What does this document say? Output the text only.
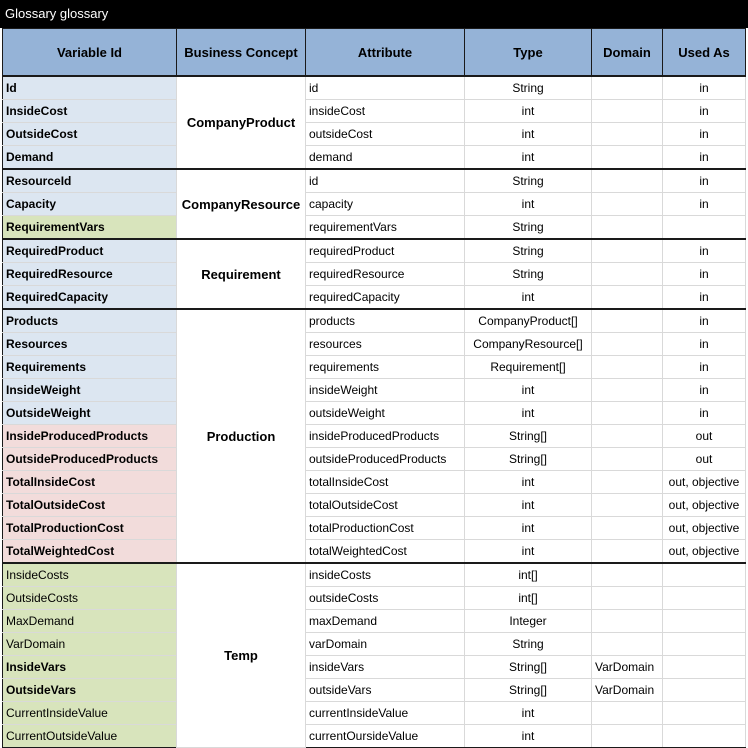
Glossary glossary
Variable Id	Business Concept	Attribute	Type	Domain	Used As
Id	CompanyProduct	id	String		in
InsideCost		insideCost	int		in
OutsideCost		outsideCost	int		in
Demand		demand	int		in
ResourceId	CompanyResource	id	String		in
Capacity		capacity	int		in
RequirementVars		requirementVars	String		
RequiredProduct	Requirement	requiredProduct	String		in
RequiredResource		requiredResource	String		in
RequiredCapacity		requiredCapacity	int		in
Products	Production	products	CompanyProduct[]		in
Resources		resources	CompanyResource[]		in
Requirements		requirements	Requirement[]		in
InsideWeight		insideWeight	int		in
OutsideWeight		outsideWeight	int		in
InsideProducedProducts		insideProducedProducts	String[]		out
OutsideProducedProducts		outsideProducedProducts	String[]		out
TotalInsideCost		totalInsideCost	int		out, objective
TotalOutsideCost		totalOutsideCost	int		out, objective
TotalProductionCost		totalProductionCost	int		out, objective
TotalWeightedCost		totalWeightedCost	int		out, objective
InsideCosts	Temp	insideCosts	int[]		
OutsideCosts		outsideCosts	int[]		
MaxDemand		maxDemand	Integer		
VarDomain		varDomain	String		
InsideVars		insideVars	String[]	VarDomain	
OutsideVars		outsideVars	String[]	VarDomain	
CurrentInsideValue		currentInsideValue	int		
CurrentOutsideValue		currentOursideValue	int		
